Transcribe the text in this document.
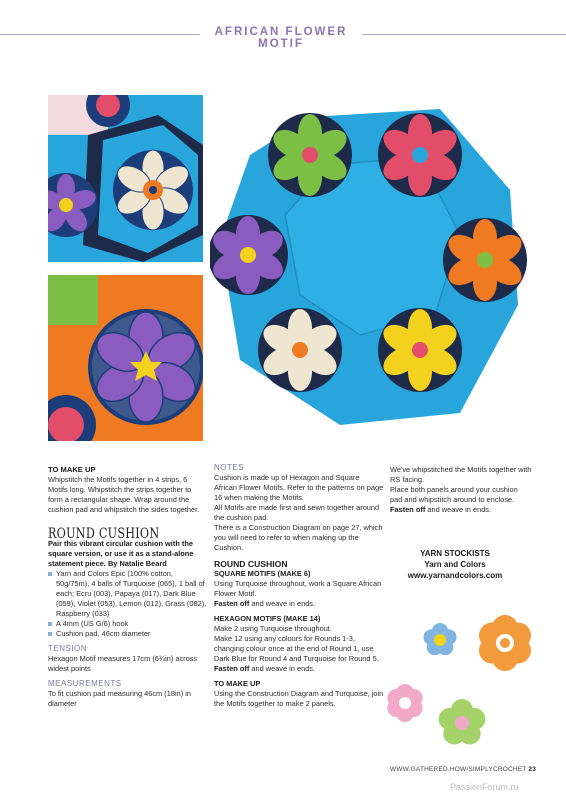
AFRICAN FLOWER MOTIF

TO MAKE UP

Whipstitch the Motifs together in 4 strips, 6 Motifs long. Whipstitch the strips together to form a rectangular shape. Wrap around the cushion pad and whipstitch the sides together.

ROUND CUSHION

Pair this vibrant circular cushion with the square version, or use it as a stand-alone statement piece. By Natalie Beard

Yarn and Colors Epic (100% cotton, 50g/75m), 4 balls of Turquoise (065), 1 ball of each; Ecru (003), Papaya (017), Dark Blue (059), Violet (053), Lemon (012), Grass (082), Raspberry (033)
A 4mm (US G/6) hook
Cushion pad, 46cm diameter

TENSION

Hexagon Motif measures 17cm (6¾in) across widest points

MEASUREMENTS

To fit cushion pad measuring 46cm (18in) in diameter

NOTES

Cushion is made up of Hexagon and Square African Flower Motifs. Refer to the patterns on page 16 when making the Motifs.

All Motifs are made first and sewn together around the cushion pad.

There is a Construction Diagram on page 27, which you will need to refer to when making up the Cushion.

ROUND CUSHION

SQUARE MOTIFS (MAKE 6)

Using Turquoise throughout, work a Square African Flower Motif.

Fasten off and weave in ends.

HEXAGON MOTIFS (MAKE 14)

Make 2 using Turquoise throughout.

Make 12 using any colours for Rounds 1-3, changing colour once at the end of Round 1, use Dark Blue for Round 4 and Turquoise for Round 5.

Fasten off and weave in ends.

TO MAKE UP

Using the Construction Diagram and Turquoise, join the Motifs together to make 2 panels.

We've whipstitched the Motifs together with RS facing.

Place both panels around your cushion pad and whipstitch around to enclose.

Fasten off and weave in ends.

YARN STOCKISTS

Yarn and Colors

www.yarnandcolors.com

WWW.GATHERED.HOW/SIMPLYCROCHET 23
PassionForum.ru
